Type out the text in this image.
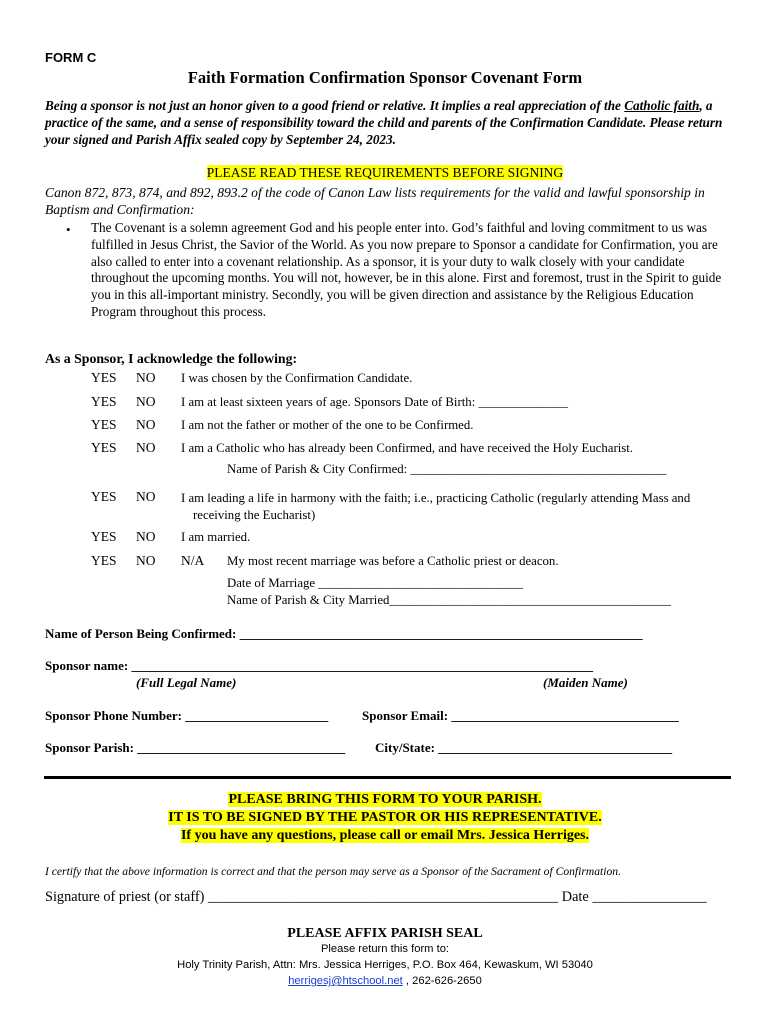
FORM C
Faith Formation Confirmation Sponsor Covenant Form
Being a sponsor is not just an honor given to a good friend or relative. It implies a real appreciation of the Catholic faith, a practice of the same, and a sense of responsibility toward the child and parents of the Confirmation Candidate. Please return your signed and Parish Affix sealed copy by September 24, 2023.
PLEASE READ THESE REQUIREMENTS BEFORE SIGNING
Canon 872, 873, 874, and 892, 893.2 of the code of Canon Law lists requirements for the valid and lawful sponsorship in Baptism and Confirmation:
• The Covenant is a solemn agreement God and his people enter into. God’s faithful and loving commitment to us was fulfilled in Jesus Christ, the Savior of the World. As you now prepare to Sponsor a candidate for Confirmation, you are also called to enter into a covenant relationship. As a sponsor, it is your duty to walk closely with your candidate throughout the upcoming months. You will not, however, be in this alone. First and foremost, trust in the Spirit to guide you in this all-important ministry. Secondly, you will be given direction and assistance by the Religious Education Program throughout this process.
As a Sponsor, I acknowledge the following:
YES NO I was chosen by the Confirmation Candidate.
YES NO I am at least sixteen years of age. Sponsors Date of Birth: ______________
YES NO I am not the father or mother of the one to be Confirmed.
YES NO I am a Catholic who has already been Confirmed, and have received the Holy Eucharist.
Name of Parish & City Confirmed: ________________________________________
YES NO I am leading a life in harmony with the faith; i.e., practicing Catholic (regularly attending Mass and
receiving the Eucharist)
YES NO I am married.
YES NO N/A My most recent marriage was before a Catholic priest or deacon.
Date of Marriage ________________________________
Name of Parish & City Married____________________________________________
Name of Person Being Confirmed: ______________________________________________________________
Sponsor name: _______________________________________________________________________
(Full Legal Name)	(Maiden Name)
Sponsor Phone Number: ______________________	Sponsor Email: ___________________________________
Sponsor Parish: ________________________________ City/State: ____________________________________
PLEASE BRING THIS FORM TO YOUR PARISH.
IT IS TO BE SIGNED BY THE PASTOR OR HIS REPRESENTATIVE.
If you have any questions, please call or email Mrs. Jessica Herriges.
I certify that the above information is correct and that the person may serve as a Sponsor of the Sacrament of Confirmation.
Signature of priest (or staff) _________________________________________________ Date ________________
PLEASE AFFIX PARISH SEAL
Please return this form to:
Holy Trinity Parish, Attn: Mrs. Jessica Herriges, P.O. Box 464, Kewaskum, WI 53040
herrigesj@htschool.net , 262-626-2650
